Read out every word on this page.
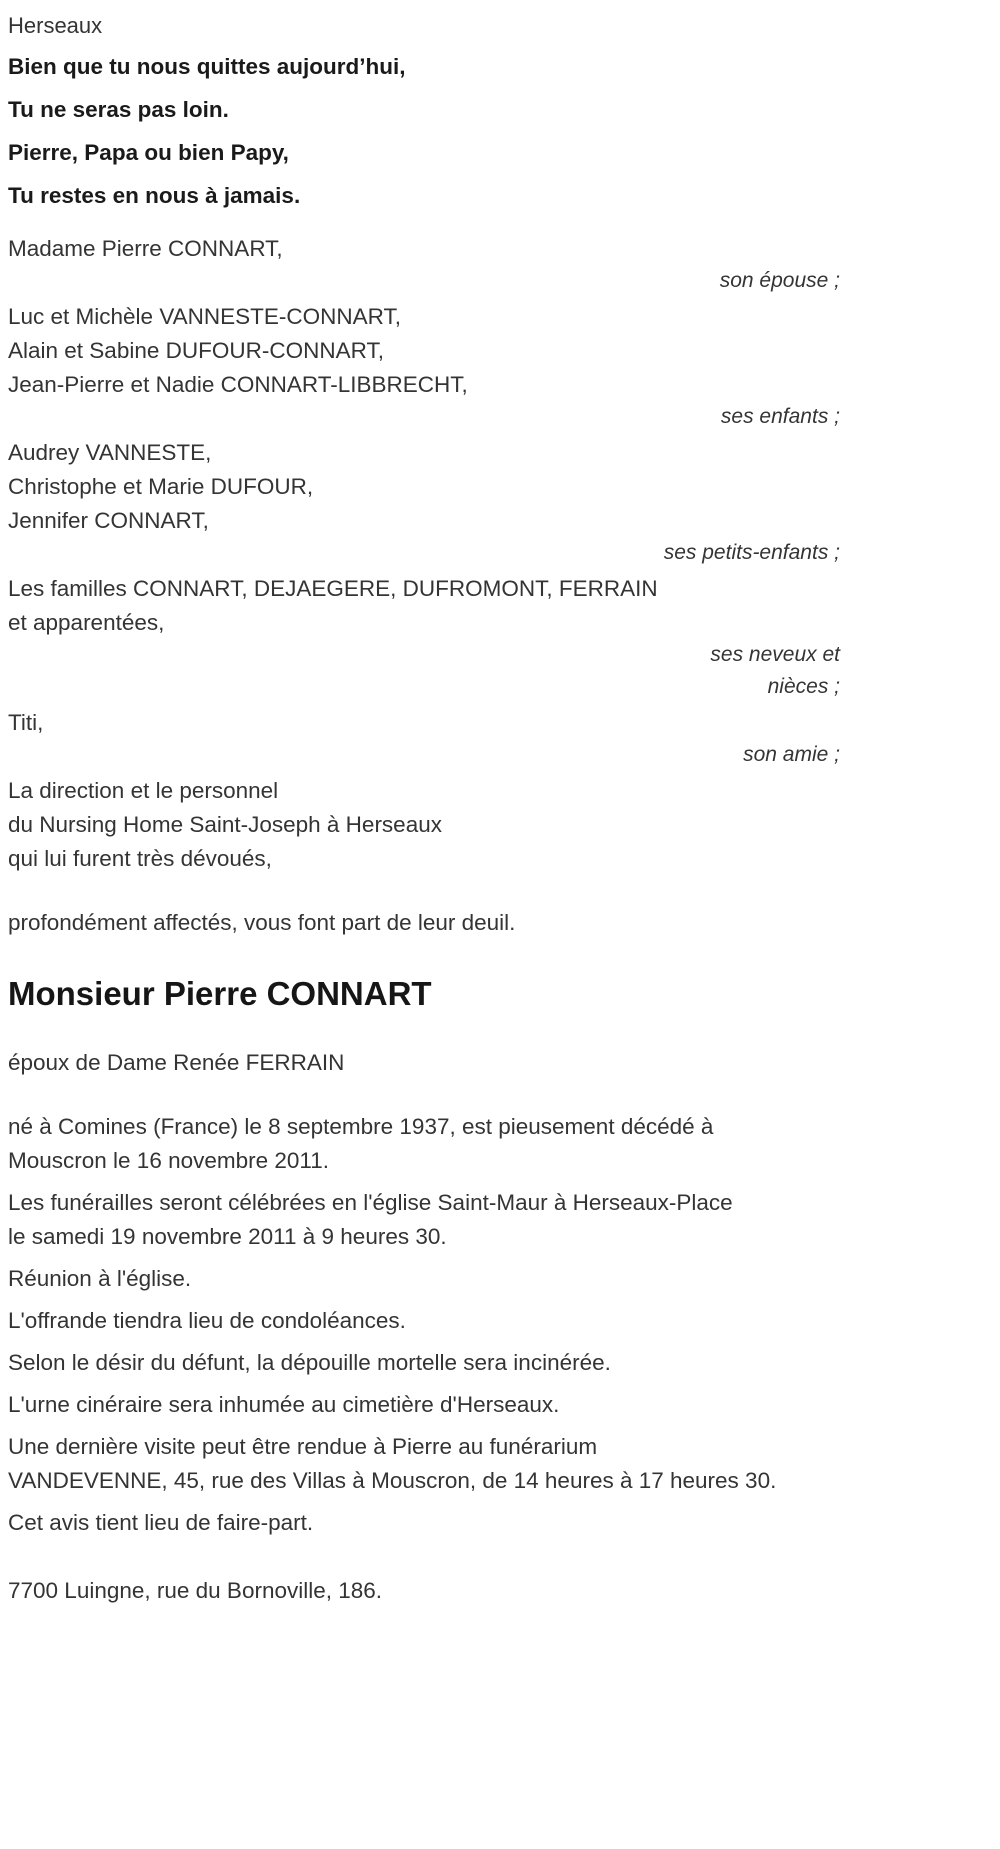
Herseaux
Bien que tu nous quittes aujourd’hui,
Tu ne seras pas loin.
Pierre, Papa ou bien Papy,
Tu restes en nous à jamais.
Madame Pierre CONNART,
son épouse ;
Luc et Michèle VANNESTE-CONNART,
Alain et Sabine DUFOUR-CONNART,
Jean-Pierre et Nadie CONNART-LIBBRECHT,
ses enfants ;
Audrey VANNESTE,
Christophe et Marie DUFOUR,
Jennifer CONNART,
ses petits-enfants ;
Les familles CONNART, DEJAEGERE, DUFROMONT, FERRAIN
et apparentées,
ses neveux et
nièces ;
Titi,
son amie ;
La direction et le personnel
du Nursing Home Saint-Joseph à Herseaux
qui lui furent très dévoués,
profondément affectés, vous font part de leur deuil.
Monsieur Pierre CONNART
époux de Dame Renée FERRAIN
né à Comines (France) le 8 septembre 1937, est pieusement décédé à
Mouscron le 16 novembre 2011.
Les funérailles seront célébrées en l'église Saint-Maur à Herseaux-Place
le samedi 19 novembre 2011 à 9 heures 30.
Réunion à l'église.
L'offrande tiendra lieu de condoléances.
Selon le désir du défunt, la dépouille mortelle sera incinérée.
L'urne cinéraire sera inhumée au cimetière d'Herseaux.
Une dernière visite peut être rendue à Pierre au funérarium
VANDEVENNE, 45, rue des Villas à Mouscron, de 14 heures à 17 heures 30.
Cet avis tient lieu de faire-part.
7700 Luingne, rue du Bornoville, 186.
